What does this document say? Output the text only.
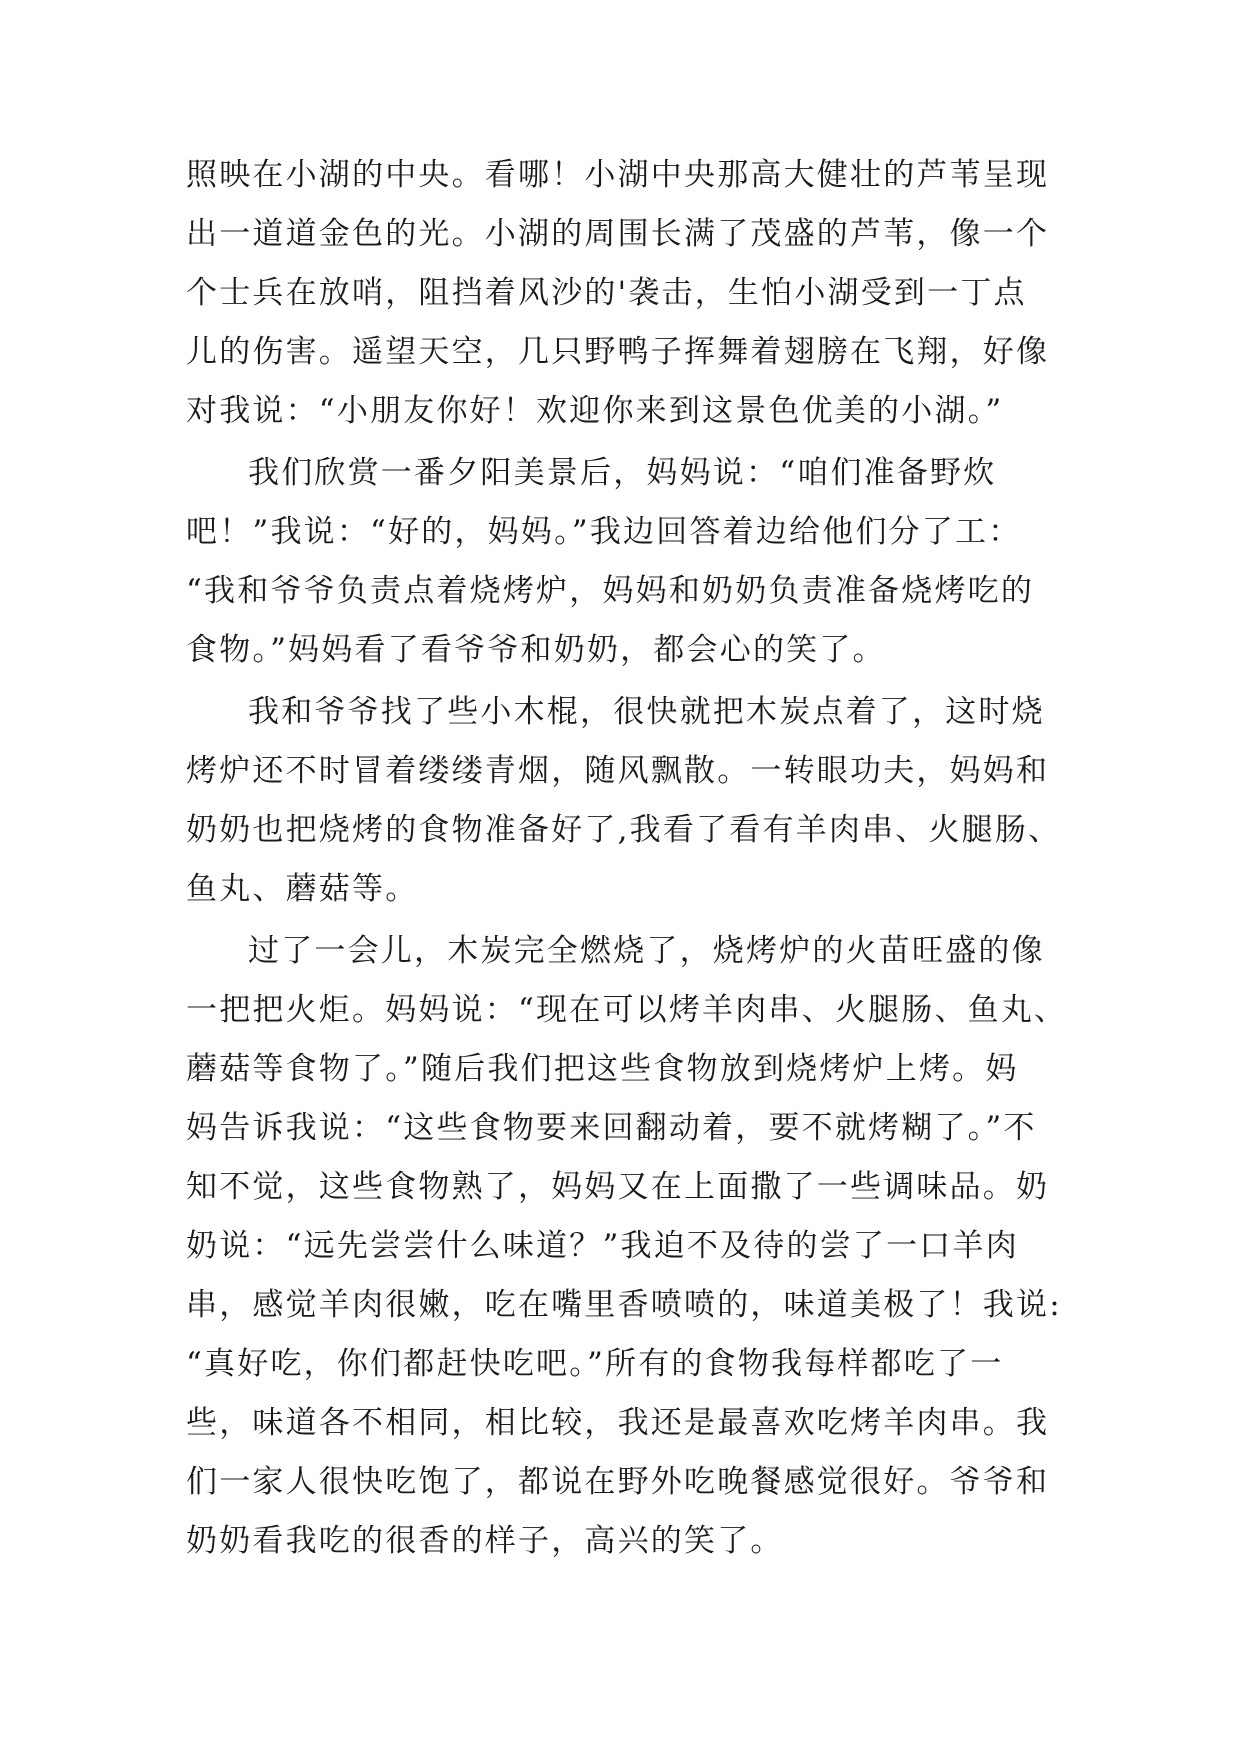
照映在小湖的中央。看哪！小湖中央那高大健壮的芦苇呈现
出一道道金色的光。小湖的周围长满了茂盛的芦苇，像一个
个士兵在放哨，阻挡着风沙的'袭击，生怕小湖受到一丁点
儿的伤害。遥望天空，几只野鸭子挥舞着翅膀在飞翔，好像
对我说：“小朋友你好！欢迎你来到这景色优美的小湖。”
我们欣赏一番夕阳美景后，妈妈说：“咱们准备野炊
吧！”我说：“好的，妈妈。”我边回答着边给他们分了工：
“我和爷爷负责点着烧烤炉，妈妈和奶奶负责准备烧烤吃的
食物。”妈妈看了看爷爷和奶奶，都会心的笑了。
我和爷爷找了些小木棍，很快就把木炭点着了，这时烧
烤炉还不时冒着缕缕青烟，随风飘散。一转眼功夫，妈妈和
奶奶也把烧烤的食物准备好了,我看了看有羊肉串、火腿肠、
鱼丸、蘑菇等。
过了一会儿，木炭完全燃烧了，烧烤炉的火苗旺盛的像
一把把火炬。妈妈说：“现在可以烤羊肉串、火腿肠、鱼丸、
蘑菇等食物了。”随后我们把这些食物放到烧烤炉上烤。妈
妈告诉我说：“这些食物要来回翻动着，要不就烤糊了。”不
知不觉，这些食物熟了，妈妈又在上面撒了一些调味品。奶
奶说：“远先尝尝什么味道？”我迫不及待的尝了一口羊肉
串，感觉羊肉很嫩，吃在嘴里香喷喷的，味道美极了！我说:
“真好吃，你们都赶快吃吧。”所有的食物我每样都吃了一
些，味道各不相同，相比较，我还是最喜欢吃烤羊肉串。我
们一家人很快吃饱了，都说在野外吃晚餐感觉很好。爷爷和
奶奶看我吃的很香的样子，高兴的笑了。
